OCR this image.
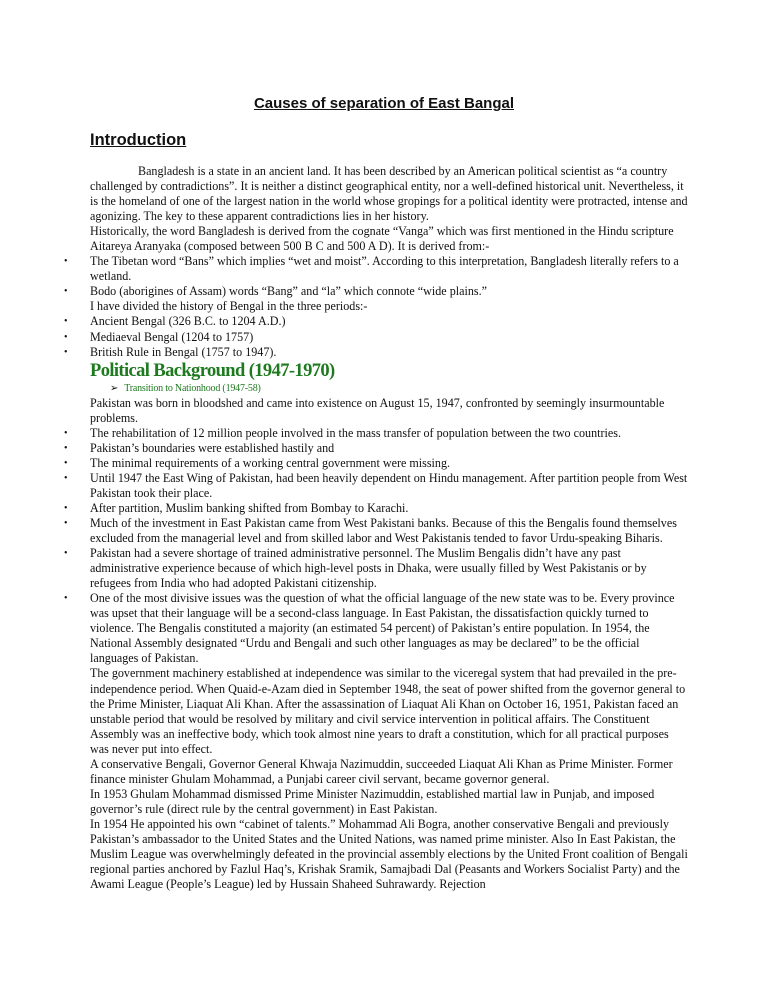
Causes of separation of East Bangal
Introduction

Bangladesh is a state in an ancient land. It has been described by an American political scientist as “a country challenged by contradictions”. It is neither a distinct geographical entity, nor a well-defined historical unit. Nevertheless, it is the homeland of one of the largest nation in the world whose gropings for a political identity were protracted, intense and agonizing. The key to these apparent contradictions lies in her history.

Historically, the word Bangladesh is derived from the cognate “Vanga” which was first mentioned in the Hindu scripture Aitareya Aranyaka (composed between 500 B C and 500 A D). It is derived from:-

• The Tibetan word “Bans” which implies “wet and moist”. According to this interpretation, Bangladesh literally refers to a wetland.
• Bodo (aborigines of Assam) words “Bang” and “la” which connote “wide plains.”

I have divided the history of Bengal in the three periods:-

• Ancient Bengal (326 B.C. to 1204 A.D.)
• Mediaeval Bengal (1204 to 1757)
• British Rule in Bengal (1757 to 1947).
Political Background (1947-1970)
➢ Transition to Nationhood (1947-58)

Pakistan was born in bloodshed and came into existence on August 15, 1947, confronted by seemingly insurmountable problems.

• The rehabilitation of 12 million people involved in the mass transfer of population between the two countries.
• Pakistan’s boundaries were established hastily and
• The minimal requirements of a working central government were missing.
• Until 1947 the East Wing of Pakistan, had been heavily dependent on Hindu management. After partition people from West Pakistan took their place.
• After partition, Muslim banking shifted from Bombay to Karachi.
• Much of the investment in East Pakistan came from West Pakistani banks. Because of this the Bengalis found themselves excluded from the managerial level and from skilled labor and West Pakistanis tended to favor Urdu-speaking Biharis.
• Pakistan had a severe shortage of trained administrative personnel. The Muslim Bengalis didn’t have any past administrative experience because of which high-level posts in Dhaka, were usually filled by West Pakistanis or by refugees from India who had adopted Pakistani citizenship.
• One of the most divisive issues was the question of what the official language of the new state was to be. Every province was upset that their language will be a second-class language. In East Pakistan, the dissatisfaction quickly turned to violence. The Bengalis constituted a majority (an estimated 54 percent) of Pakistan’s entire population. In 1954, the National Assembly designated “Urdu and Bengali and such other languages as may be declared” to be the official languages of Pakistan.

The government machinery established at independence was similar to the viceregal system that had prevailed in the pre-independence period. When Quaid-e-Azam died in September 1948, the seat of power shifted from the governor general to the Prime Minister, Liaquat Ali Khan. After the assassination of Liaquat Ali Khan on October 16, 1951, Pakistan faced an unstable period that would be resolved by military and civil service intervention in political affairs. The Constituent Assembly was an ineffective body, which took almost nine years to draft a constitution, which for all practical purposes was never put into effect.

A conservative Bengali, Governor General Khwaja Nazimuddin, succeeded Liaquat Ali Khan as Prime Minister. Former finance minister Ghulam Mohammad, a Punjabi career civil servant, became governor general.

In 1953 Ghulam Mohammad dismissed Prime Minister Nazimuddin, established martial law in Punjab, and imposed governor’s rule (direct rule by the central government) in East Pakistan.

In 1954 He appointed his own “cabinet of talents.” Mohammad Ali Bogra, another conservative Bengali and previously Pakistan’s ambassador to the United States and the United Nations, was named prime minister. Also In East Pakistan, the Muslim League was overwhelmingly defeated in the provincial assembly elections by the United Front coalition of Bengali regional parties anchored by Fazlul Haq’s, Krishak Sramik, Samajbadi Dal (Peasants and Workers Socialist Party) and the Awami League (People’s League) led by Hussain Shaheed Suhrawardy. Rejection
